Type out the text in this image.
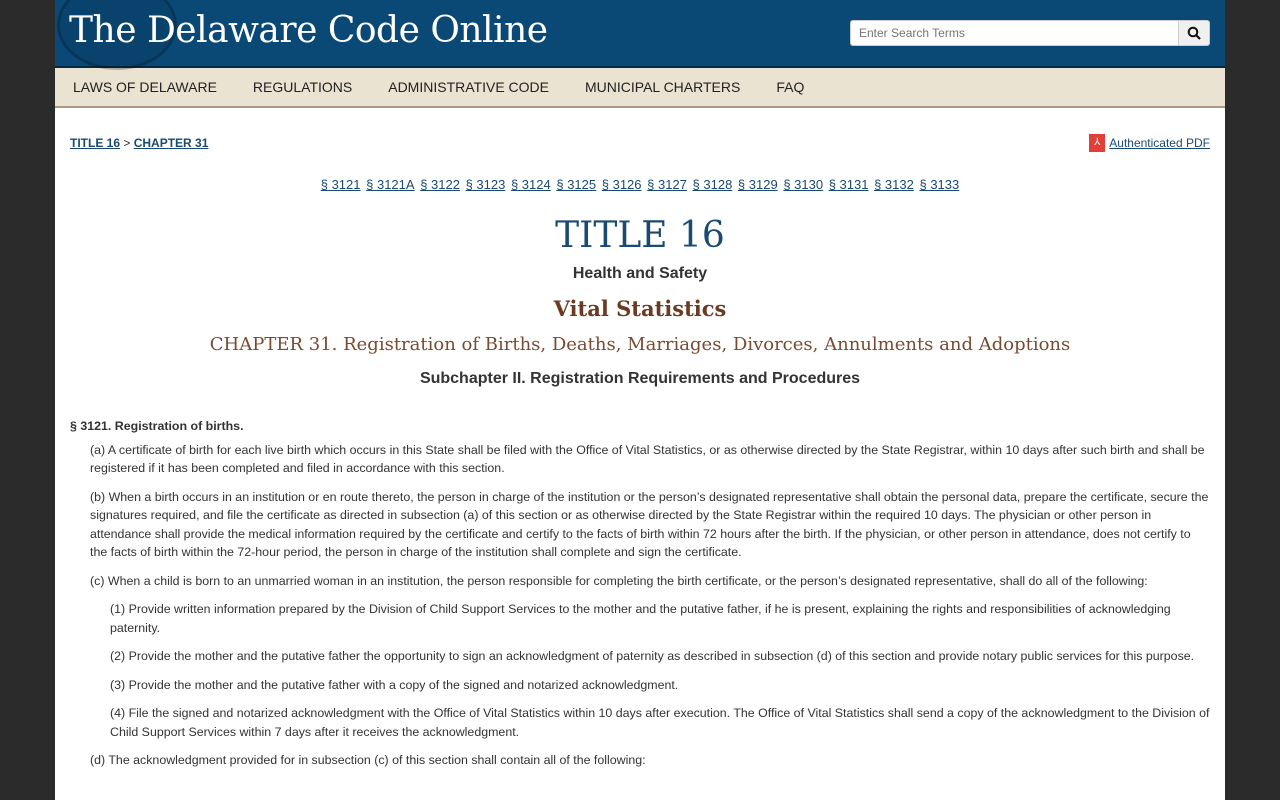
The Delaware Code Online
Enter Search Terms
LAWS OF DELAWARE	REGULATIONS	ADMINISTRATIVE CODE	MUNICIPAL CHARTERS	FAQ
TITLE 16 > CHAPTER 31	⅄ Authenticated PDF
§ 3121 § 3121A § 3122 § 3123 § 3124 § 3125 § 3126 § 3127 § 3128 § 3129 § 3130 § 3131 § 3132 § 3133
TITLE 16
Health and Safety
Vital Statistics
CHAPTER 31. Registration of Births, Deaths, Marriages, Divorces, Annulments and Adoptions
Subchapter II. Registration Requirements and Procedures
§ 3121. Registration of births.
(a) A certificate of birth for each live birth which occurs in this State shall be filed with the Office of Vital Statistics, or as otherwise directed by the State Registrar, within 10 days after such birth and shall be registered if it has been completed and filed in accordance with this section.
(b) When a birth occurs in an institution or en route thereto, the person in charge of the institution or the person’s designated representative shall obtain the personal data, prepare the certificate, secure the signatures required, and file the certificate as directed in subsection (a) of this section or as otherwise directed by the State Registrar within the required 10 days. The physician or other person in attendance shall provide the medical information required by the certificate and certify to the facts of birth within 72 hours after the birth. If the physician, or other person in attendance, does not certify to the facts of birth within the 72-hour period, the person in charge of the institution shall complete and sign the certificate.
(c) When a child is born to an unmarried woman in an institution, the person responsible for completing the birth certificate, or the person’s designated representative, shall do all of the following:
(1) Provide written information prepared by the Division of Child Support Services to the mother and the putative father, if he is present, explaining the rights and responsibilities of acknowledging paternity.
(2) Provide the mother and the putative father the opportunity to sign an acknowledgment of paternity as described in subsection (d) of this section and provide notary public services for this purpose.
(3) Provide the mother and the putative father with a copy of the signed and notarized acknowledgment.
(4) File the signed and notarized acknowledgment with the Office of Vital Statistics within 10 days after execution. The Office of Vital Statistics shall send a copy of the acknowledgment to the Division of Child Support Services within 7 days after it receives the acknowledgment.
(d) The acknowledgment provided for in subsection (c) of this section shall contain all of the following:
